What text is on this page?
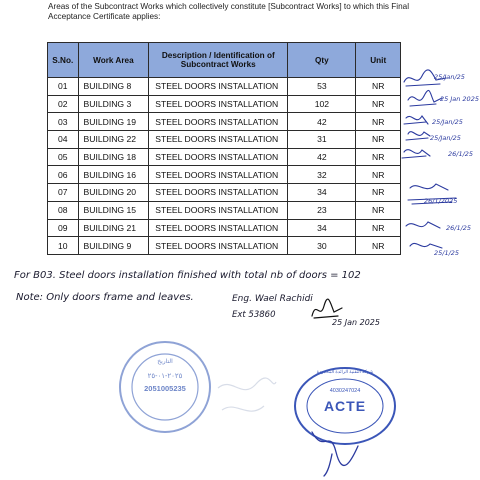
Areas of the Subcontract Works which collectively constitute [Subcontract Works] to which this Final Acceptance Certificate applies:
S.No.	Work Area	Description / Identification of Subcontract Works	Qty	Unit
01	BUILDING 8	STEEL DOORS INSTALLATION	53	NR
02	BUILDING 3	STEEL DOORS INSTALLATION	102	NR
03	BUILDING 19	STEEL DOORS INSTALLATION	42	NR
04	BUILDING 22	STEEL DOORS INSTALLATION	31	NR
05	BUILDING 18	STEEL DOORS INSTALLATION	42	NR
06	BUILDING 16	STEEL DOORS INSTALLATION	32	NR
07	BUILDING 20	STEEL DOORS INSTALLATION	34	NR
08	BUILDING 15	STEEL DOORS INSTALLATION	23	NR
09	BUILDING 21	STEEL DOORS INSTALLATION	34	NR
10	BUILDING 9	STEEL DOORS INSTALLATION	30	NR
25/Jan/25
25 Jan 2025
25/Jan/25
25/Jan/25
26/1/25
26/1/2025
26/1/25
25/1/25
For B03. Steel doors installation finished with total nb of doors = 102
Note: Only doors frame and leaves.	Eng. Wael Rachidi
Ext 53860
25 Jan 2025
التاريخ
٢٠٢٥-٠١-٢٥
2051005235
شركة التقنية الرائدة المحدودة
4030247024
ACTE
